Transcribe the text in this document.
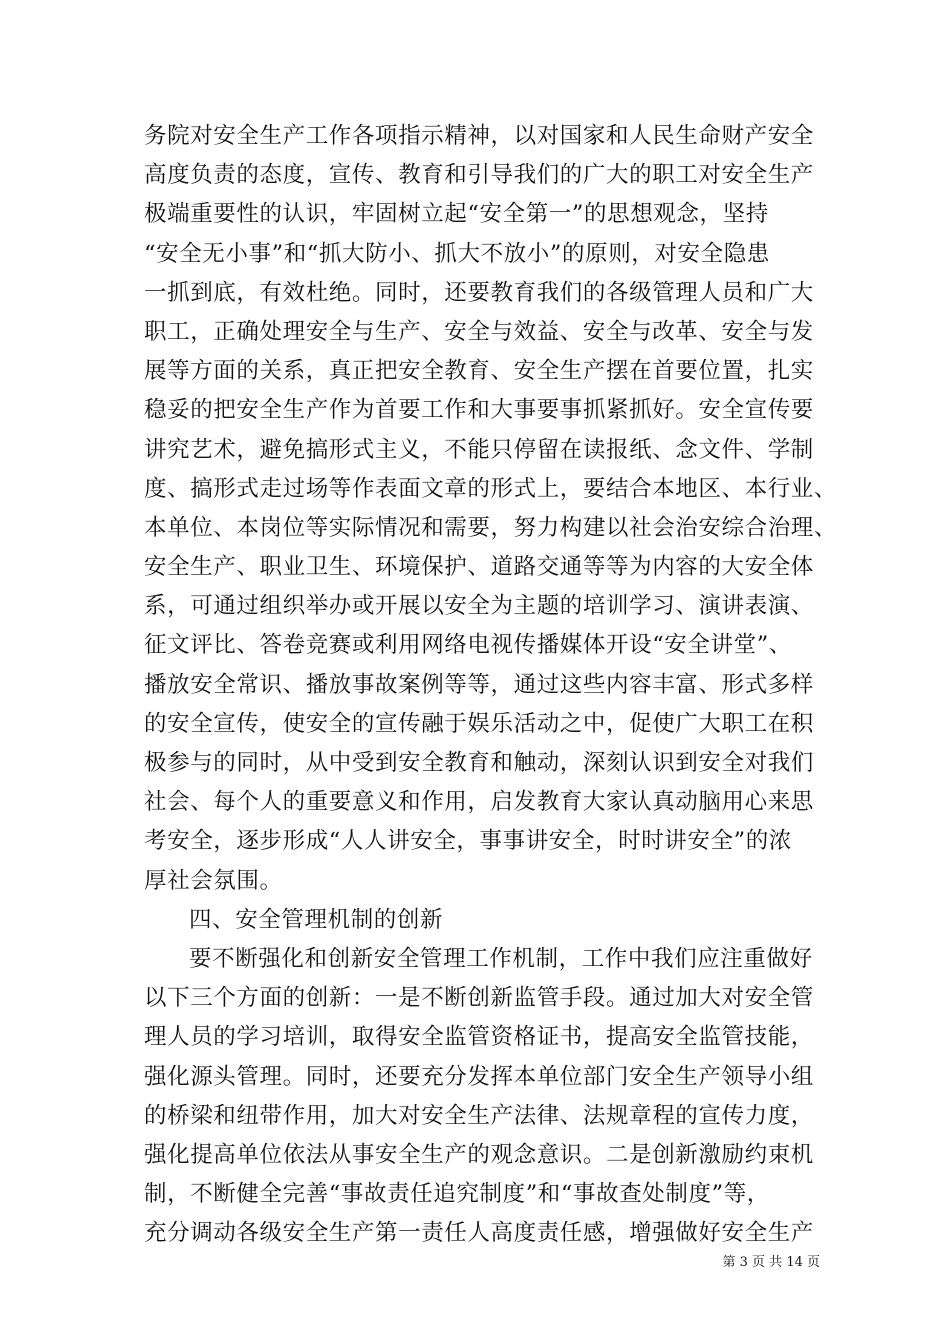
务院对安全生产工作各项指示精神，以对国家和人民生命财产安全
高度负责的态度，宣传、教育和引导我们的广大的职工对安全生产
极端重要性的认识，牢固树立起“安全第一”的思想观念，坚持
“安全无小事”和“抓大防小、抓大不放小”的原则，对安全隐患
一抓到底，有效杜绝。同时，还要教育我们的各级管理人员和广大
职工，正确处理安全与生产、安全与效益、安全与改革、安全与发
展等方面的关系，真正把安全教育、安全生产摆在首要位置，扎实
稳妥的把安全生产作为首要工作和大事要事抓紧抓好。安全宣传要
讲究艺术，避免搞形式主义，不能只停留在读报纸、念文件、学制
度、搞形式走过场等作表面文章的形式上，要结合本地区、本行业、
本单位、本岗位等实际情况和需要，努力构建以社会治安综合治理、
安全生产、职业卫生、环境保护、道路交通等等为内容的大安全体
系，可通过组织举办或开展以安全为主题的培训学习、演讲表演、
征文评比、答卷竞赛或利用网络电视传播媒体开设“安全讲堂”、
播放安全常识、播放事故案例等等，通过这些内容丰富、形式多样
的安全宣传，使安全的宣传融于娱乐活动之中，促使广大职工在积
极参与的同时，从中受到安全教育和触动，深刻认识到安全对我们
社会、每个人的重要意义和作用，启发教育大家认真动脑用心来思
考安全，逐步形成“人人讲安全，事事讲安全，时时讲安全”的浓
厚社会氛围。
四、安全管理机制的创新
要不断强化和创新安全管理工作机制，工作中我们应注重做好
以下三个方面的创新：一是不断创新监管手段。通过加大对安全管
理人员的学习培训，取得安全监管资格证书，提高安全监管技能，
强化源头管理。同时，还要充分发挥本单位部门安全生产领导小组
的桥梁和纽带作用，加大对安全生产法律、法规章程的宣传力度，
强化提高单位依法从事安全生产的观念意识。二是创新激励约束机
制，不断健全完善“事故责任追究制度”和“事故查处制度”等，
充分调动各级安全生产第一责任人高度责任感，增强做好安全生产
第 3 页 共 14 页
